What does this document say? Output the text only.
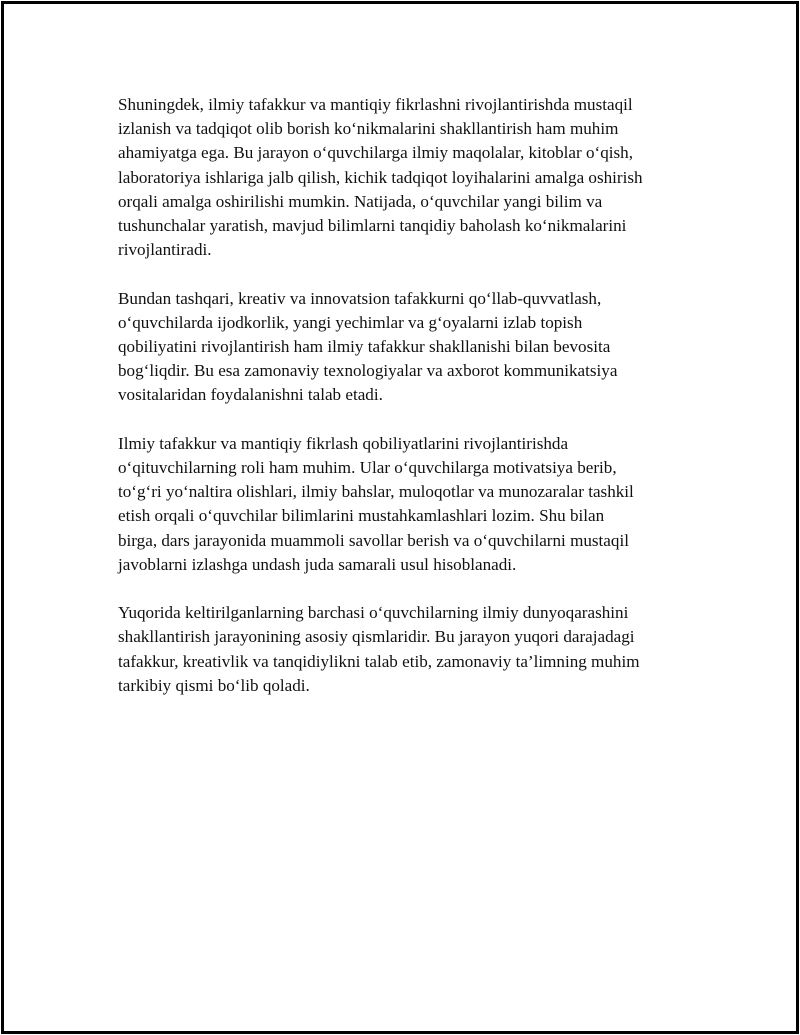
Shuningdek, ilmiy tafakkur va mantiqiy fikrlashni rivojlantirishda mustaqil
izlanish va tadqiqot olib borish ko‘nikmalarini shakllantirish ham muhim
ahamiyatga ega. Bu jarayon o‘quvchilarga ilmiy maqolalar, kitoblar o‘qish,
laboratoriya ishlariga jalb qilish, kichik tadqiqot loyihalarini amalga oshirish
orqali amalga oshirilishi mumkin. Natijada, o‘quvchilar yangi bilim va
tushunchalar yaratish, mavjud bilimlarni tanqidiy baholash ko‘nikmalarini
rivojlantiradi.

Bundan tashqari, kreativ va innovatsion tafakkurni qo‘llab-quvvatlash,
o‘quvchilarda ijodkorlik, yangi yechimlar va g‘oyalarni izlab topish
qobiliyatini rivojlantirish ham ilmiy tafakkur shakllanishi bilan bevosita
bog‘liqdir. Bu esa zamonaviy texnologiyalar va axborot kommunikatsiya
vositalaridan foydalanishni talab etadi.

Ilmiy tafakkur va mantiqiy fikrlash qobiliyatlarini rivojlantirishda
o‘qituvchilarning roli ham muhim. Ular o‘quvchilarga motivatsiya berib,
to‘g‘ri yo‘naltira olishlari, ilmiy bahslar, muloqotlar va munozaralar tashkil
etish orqali o‘quvchilar bilimlarini mustahkamlashlari lozim. Shu bilan
birga, dars jarayonida muammoli savollar berish va o‘quvchilarni mustaqil
javoblarni izlashga undash juda samarali usul hisoblanadi.

Yuqorida keltirilganlarning barchasi o‘quvchilarning ilmiy dunyoqarashini
shakllantirish jarayonining asosiy qismlaridir. Bu jarayon yuqori darajadagi
tafakkur, kreativlik va tanqidiylikni talab etib, zamonaviy ta’limning muhim
tarkibiy qismi bo‘lib qoladi.
